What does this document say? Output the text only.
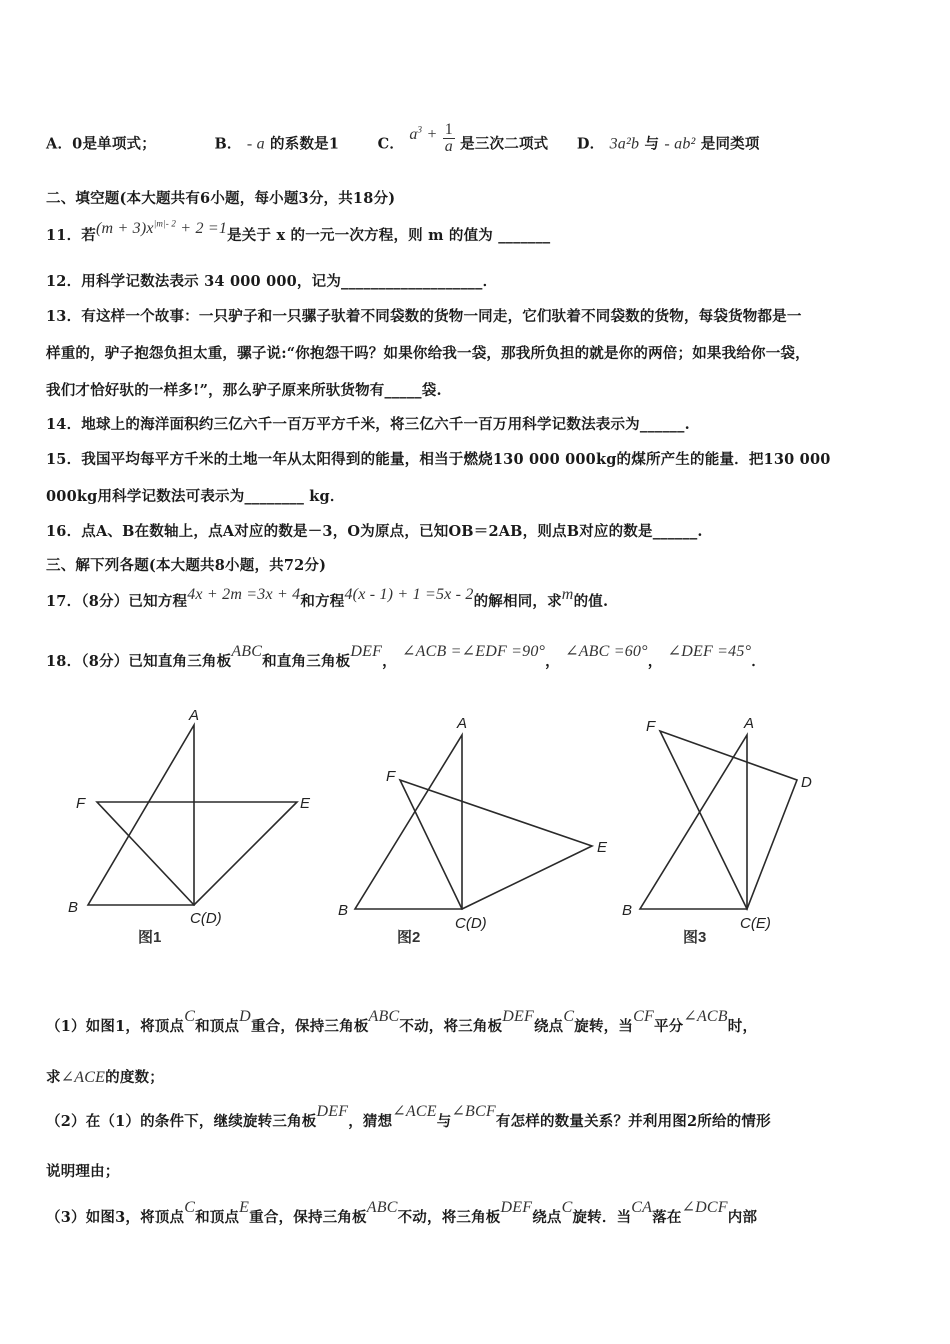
A．0是单项式；	B． - a 的系数是1	C． $a^3 + \frac{1}{a}$ 是三次二项式 D． 3a²b 与 - ab² 是同类项
二、填空题(本大题共有6小题，每小题3分，共18分)
11．若$(m + 3)x^{|m|- 2} + 2 =1$是关于 x 的一元一次方程，则 m 的值为 _______
12．用科学记数法表示 34 000 000，记为___________________．
13．有这样一个故事：一只驴子和一只骡子驮着不同袋数的货物一同走，它们驮着不同袋数的货物，每袋货物都是一
样重的，驴子抱怨负担太重，骡子说:“你抱怨干吗？如果你给我一袋，那我所负担的就是你的两倍；如果我给你一袋，
我们才恰好驮的一样多!”，那么驴子原来所驮货物有_____袋.
14．地球上的海洋面积约三亿六千一百万平方千米，将三亿六千一百万用科学记数法表示为______.
15．我国平均每平方千米的土地一年从太阳得到的能量，相当于燃烧130 000 000kg的煤所产生的能量．把130 000
000kg用科学记数法可表示为________ kg．
16．点A、B在数轴上，点A对应的数是－3，O为原点，已知OB＝2AB，则点B对应的数是______.
三、解下列各题(本大题共8小题，共72分)
17．（8分）已知方程4x + 2m =3x + 4和方程4(x - 1) + 1 =5x - 2的解相同，求m的值.
18．（8分）已知直角三角板ABC和直角三角板DEF， ∠ACB =∠EDF =90°， ∠ABC =60°， ∠DEF =45°．
A
B
C(D)
E
F
图1
A
B
C(D)
E
F
图2
A
B
C(E)
D
F
图3
（1）如图1，将顶点C和顶点D重合，保持三角板ABC不动，将三角板DEF绕点C旋转，当CF平分∠ACB时，
求∠ACE的度数；
（2）在（1）的条件下，继续旋转三角板DEF，猜想∠ACE与∠BCF有怎样的数量关系？并利用图2所给的情形
说明理由；
（3）如图3，将顶点C和顶点E重合，保持三角板ABC不动，将三角板DEF绕点C旋转．当CA落在∠DCF内部
